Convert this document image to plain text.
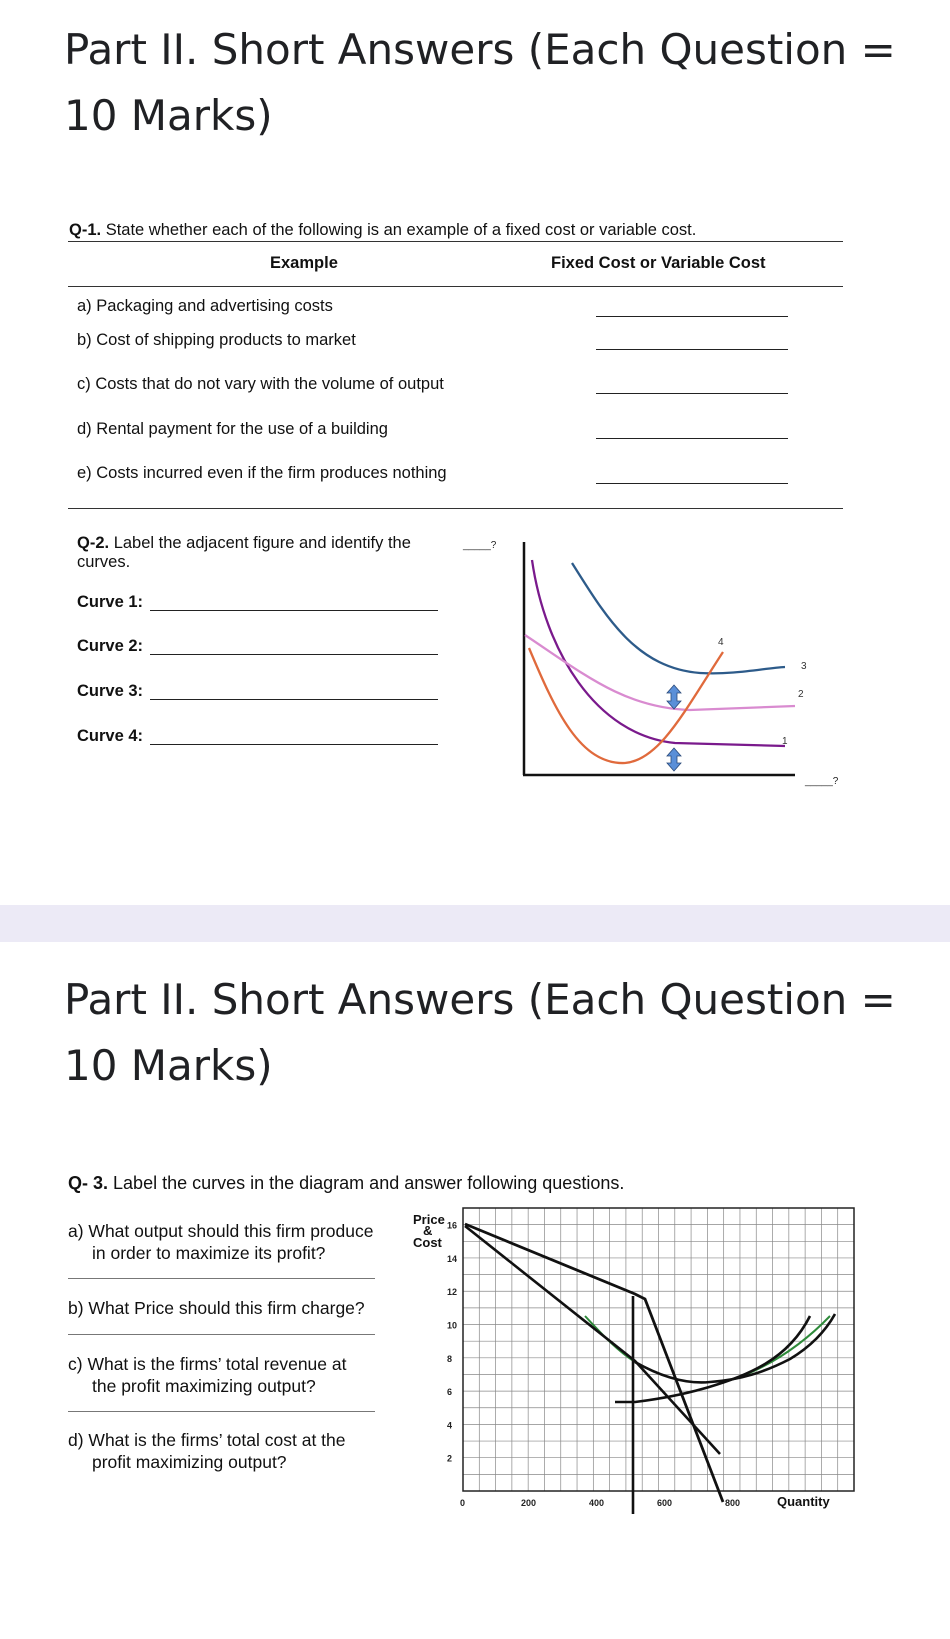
Part II. Short Answers (Each Question = 10 Marks)
Q-1. State whether each of the following is an example of a fixed cost or variable cost.
Example	Fixed Cost or Variable Cost
a) Packaging and advertising costs
b) Cost of shipping products to market
c) Costs that do not vary with the volume of output
d) Rental payment for the use of a building
e) Costs incurred even if the firm produces nothing
Q-2. Label the adjacent figure and identify the
curves.
Curve 1:
Curve 2:
Curve 3:
Curve 4:
_____?
_____?
1
2
3
4
Part II. Short Answers (Each Question = 10 Marks)
Q- 3. Label the curves in the diagram and answer following questions.
a) What output should this firm produce
in order to maximize its profit?
b) What Price should this firm charge?
c) What is the firms’ total revenue at
the profit maximizing output?
d) What is the firms’ total cost at the
profit maximizing output?
Price
&
Cost
Quantity
16
14
12
10
8
6
4
2
0	200	400	600	800
